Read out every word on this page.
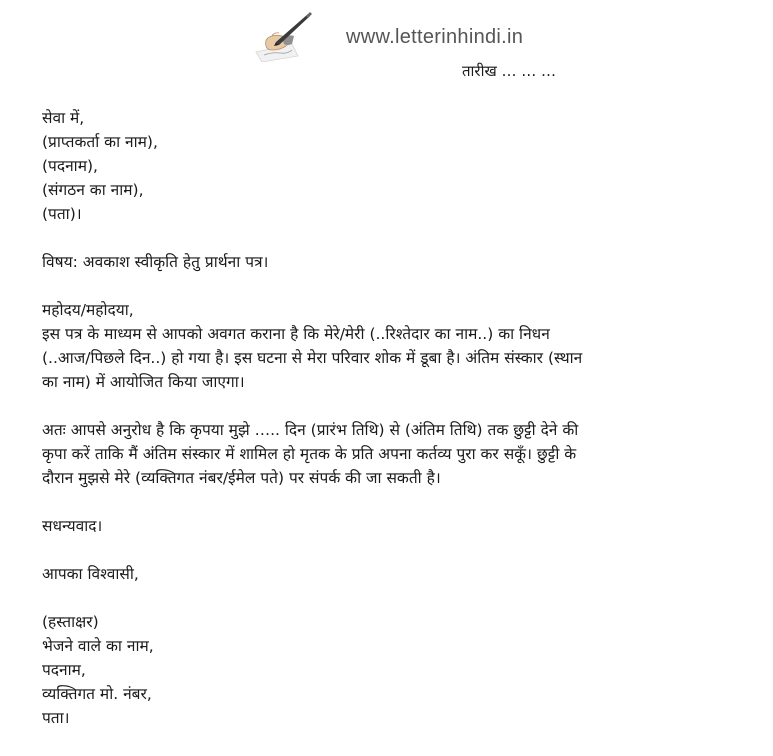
www.letterinhindi.in
तारीख … … …
सेवा में,
(प्राप्तकर्ता का नाम),
(पदनाम),
(संगठन का नाम),
(पता)।
विषय: अवकाश स्वीकृति हेतु प्रार्थना पत्र।
महोदय/महोदया,
इस पत्र के माध्यम से आपको अवगत कराना है कि मेरे/मेरी (..रिश्तेदार का नाम..) का निधन
(..आज/पिछले दिन..) हो गया है। इस घटना से मेरा परिवार शोक में डूबा है। अंतिम संस्कार (स्थान
का नाम) में आयोजित किया जाएगा।
अतः आपसे अनुरोध है कि कृपया मुझे ….. दिन (प्रारंभ तिथि) से (अंतिम तिथि) तक छुट्टी देने की
कृपा करें ताकि मैं अंतिम संस्कार में शामिल हो मृतक के प्रति अपना कर्तव्य पुरा कर सकूँ। छुट्टी के
दौरान मुझसे मेरे (व्यक्तिगत नंबर/ईमेल पते) पर संपर्क की जा सकती है।
सधन्यवाद।
आपका विश्वासी,
(हस्ताक्षर)
भेजने वाले का नाम,
पदनाम,
व्यक्तिगत मो. नंबर,
पता।
